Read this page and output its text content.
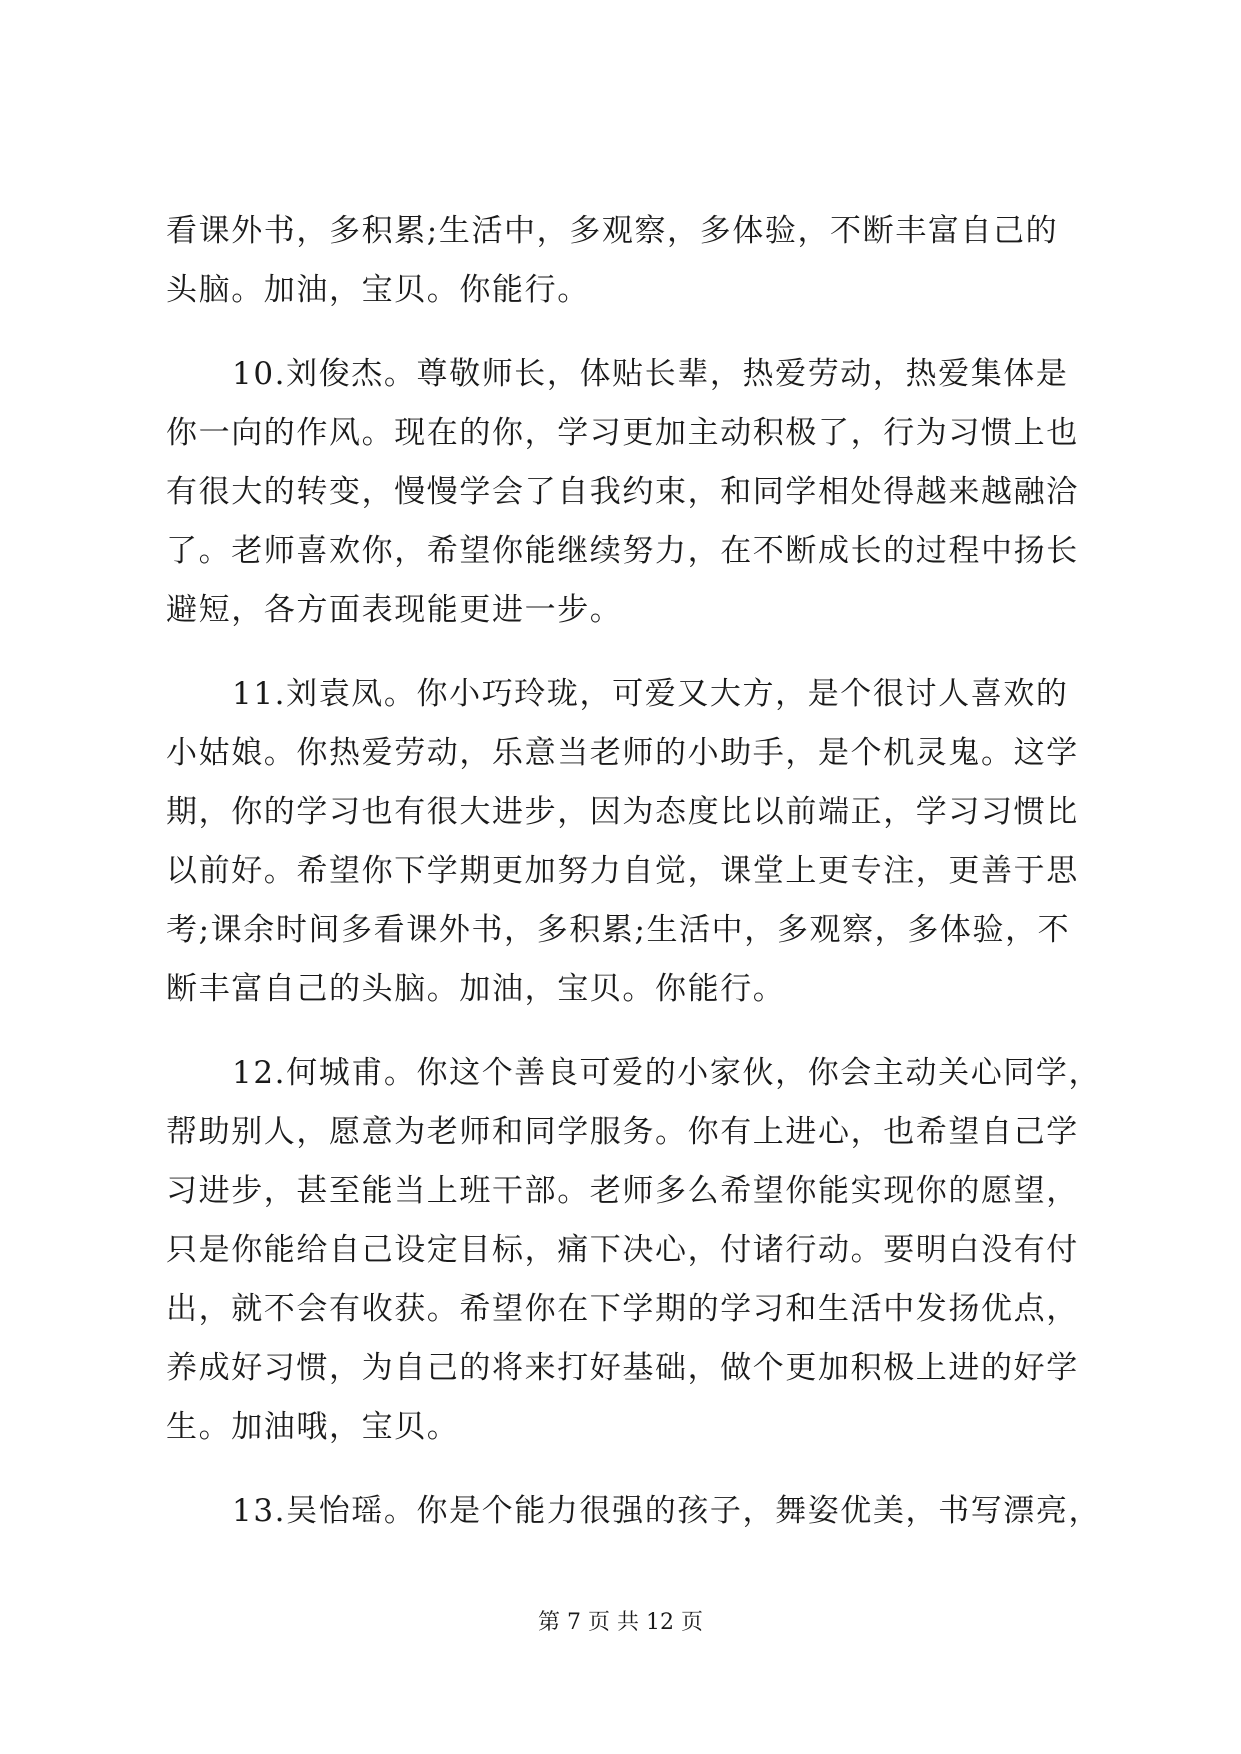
看课外书，多积累;生活中，多观察，多体验，不断丰富自己的
头脑。加油，宝贝。你能行。
10.刘俊杰。尊敬师长，体贴长辈，热爱劳动，热爱集体是
你一向的作风。现在的你，学习更加主动积极了，行为习惯上也
有很大的转变，慢慢学会了自我约束，和同学相处得越来越融洽
了。老师喜欢你，希望你能继续努力，在不断成长的过程中扬长
避短，各方面表现能更进一步。
11.刘袁凤。你小巧玲珑，可爱又大方，是个很讨人喜欢的
小姑娘。你热爱劳动，乐意当老师的小助手，是个机灵鬼。这学
期，你的学习也有很大进步，因为态度比以前端正，学习习惯比
以前好。希望你下学期更加努力自觉，课堂上更专注，更善于思
考;课余时间多看课外书，多积累;生活中，多观察，多体验，不
断丰富自己的头脑。加油，宝贝。你能行。
12.何城甫。你这个善良可爱的小家伙，你会主动关心同学，
帮助别人，愿意为老师和同学服务。你有上进心，也希望自己学
习进步，甚至能当上班干部。老师多么希望你能实现你的愿望，
只是你能给自己设定目标，痛下决心，付诸行动。要明白没有付
出，就不会有收获。希望你在下学期的学习和生活中发扬优点，
养成好习惯，为自己的将来打好基础，做个更加积极上进的好学
生。加油哦，宝贝。
13.吴怡瑶。你是个能力很强的孩子，舞姿优美，书写漂亮，
第 7 页 共 12 页
